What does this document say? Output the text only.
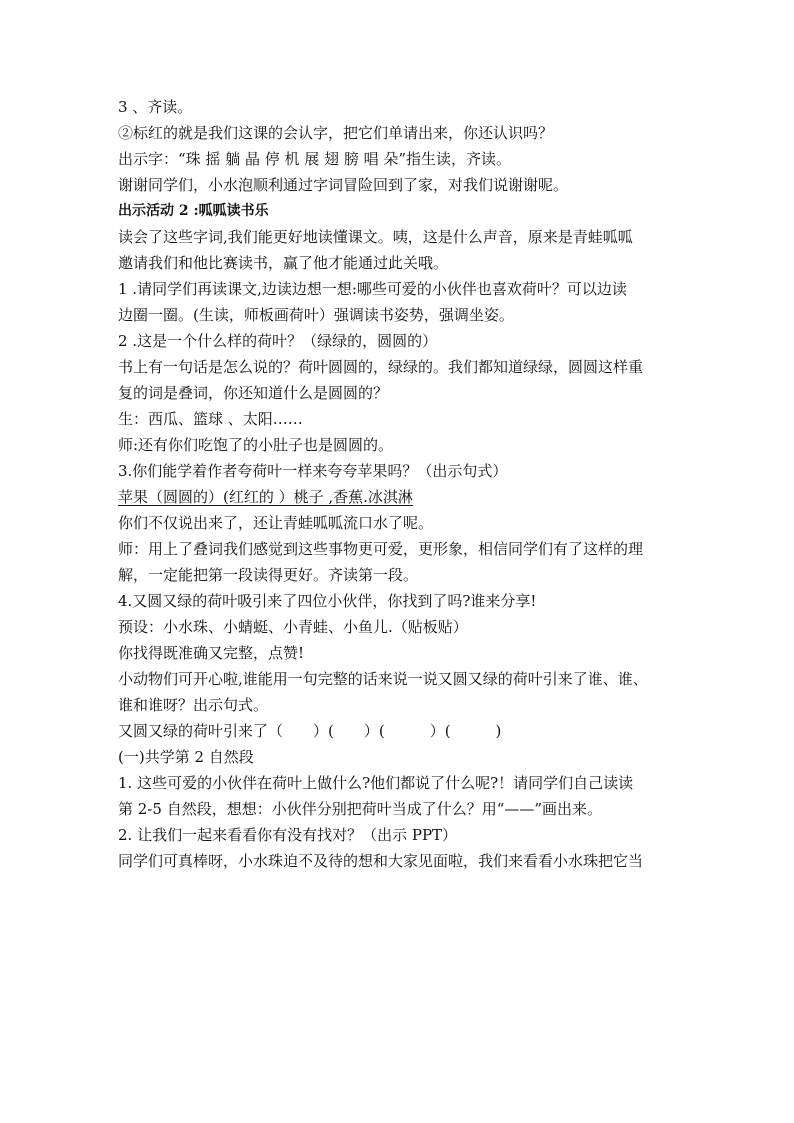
3 、齐读。
②标红的就是我们这课的会认字，把它们单请出来，你还认识吗？
出示字：“珠 摇 躺 晶 停 机 展 翅 膀 唱 朵”指生读，齐读。
谢谢同学们，小水泡顺利通过字词冒险回到了家，对我们说谢谢呢。
出示活动 2 :呱呱读书乐
读会了这些字词,我们能更好地读懂课文。咦，这是什么声音，原来是青蛙呱呱
邀请我们和他比赛读书，赢了他才能通过此关哦。
1 .请同学们再读课文,边读边想一想:哪些可爱的小伙伴也喜欢荷叶？可以边读
边圈一圈。(生读，师板画荷叶）强调读书姿势，强调坐姿。
2 .这是一个什么样的荷叶？（绿绿的，圆圆的）
书上有一句话是怎么说的？荷叶圆圆的，绿绿的。我们都知道绿绿，圆圆这样重
复的词是叠词，你还知道什么是圆圆的？
生：西瓜、篮球 、太阳……
师:还有你们吃饱了的小肚子也是圆圆的。
3.你们能学着作者夸荷叶一样来夸夸苹果吗？（出示句式）
苹果（圆圆的）(红红的 ）桃子 ,香蕉.冰淇淋
你们不仅说出来了，还让青蛙呱呱流口水了呢。
师：用上了叠词我们感觉到这些事物更可爱，更形象，相信同学们有了这样的理
解，一定能把第一段读得更好。齐读第一段。
4.又圆又绿的荷叶吸引来了四位小伙伴，你找到了吗?谁来分享!
预设：小水珠、小蜻蜓、小青蛙、小鱼儿.（贴板贴）
你找得既准确又完整，点赞!
小动物们可开心啦,谁能用一句完整的话来说一说又圆又绿的荷叶引来了谁、谁、
谁和谁呀？出示句式。
又圆又绿的荷叶引来了（　　）(　　）(　　　）(　　　)
(一)共学第 2 自然段
1. 这些可爱的小伙伴在荷叶上做什么?他们都说了什么呢?！请同学们自己读读
第 2-5 自然段，想想：小伙伴分别把荷叶当成了什么？用“——”画出来。
2. 让我们一起来看看你有没有找对？（出示 PPT）
同学们可真棒呀，小水珠迫不及待的想和大家见面啦，我们来看看小水珠把它当
